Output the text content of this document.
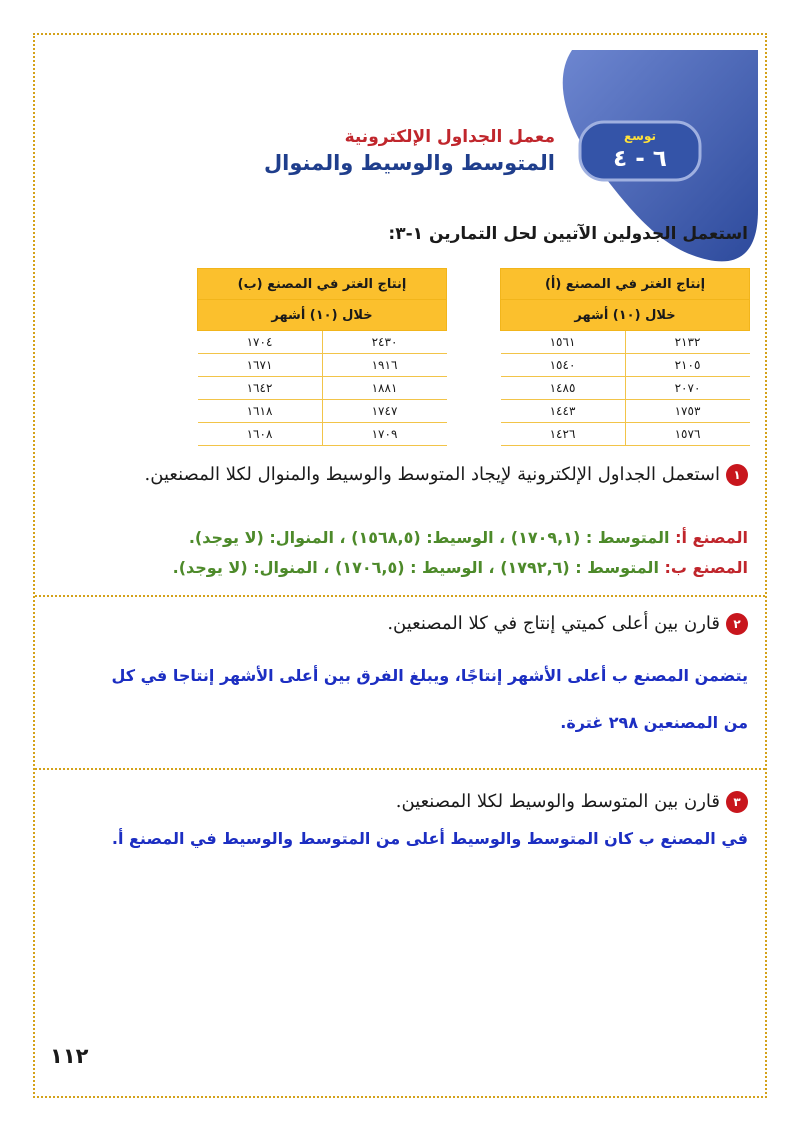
توسع
٦ - ٤
معمل الجداول الإلكترونية
المتوسط والوسيط والمنوال
استعمل الجدولين الآتيين لحل التمارين ١-٣:
إنتاج الغتر في المصنع (أ)	
خلال (١٠) أشهر	
٢١٣٢	١٥٦١
٢١٠٥	١٥٤٠
٢٠٧٠	١٤٨٥
١٧٥٣	١٤٤٣
١٥٧٦	١٤٢٦
إنتاج الغتر في المصنع (ب)	
خلال (١٠) أشهر	
٢٤٣٠	١٧٠٤
١٩١٦	١٦٧١
١٨٨١	١٦٤٢
١٧٤٧	١٦١٨
١٧٠٩	١٦٠٨
١استعمل الجداول الإلكترونية لإيجاد المتوسط والوسيط والمنوال لكلا المصنعين.
المصنع أ: المتوسط : (١٧٠٩,١) ، الوسيط: (١٥٦٨,٥) ، المنوال: (لا يوجد).
المصنع ب: المتوسط : (١٧٩٢,٦) ، الوسيط : (١٧٠٦,٥) ، المنوال: (لا يوجد).
٢قارن بين أعلى كميتي إنتاج في كلا المصنعين.
يتضمن المصنع ب أعلى الأشهر إنتاجًا، ويبلغ الفرق بين أعلى الأشهر إنتاجا في كل
من المصنعين ٢٩٨ غترة.
٣قارن بين المتوسط والوسيط لكلا المصنعين.
في المصنع ب كان المتوسط والوسيط أعلى من المتوسط والوسيط في المصنع أ.
١١٢
